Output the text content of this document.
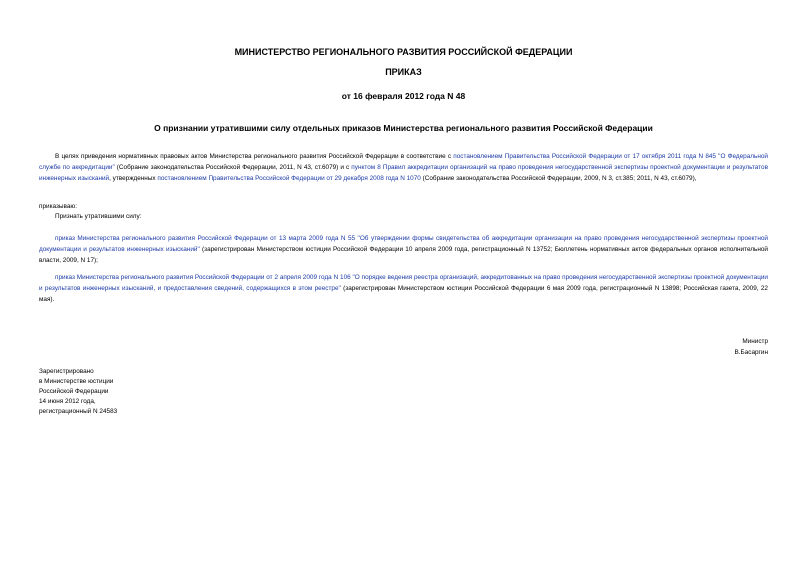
МИНИСТЕРСТВО РЕГИОНАЛЬНОГО РАЗВИТИЯ РОССИЙСКОЙ ФЕДЕРАЦИИ
ПРИКАЗ
от 16 февраля 2012 года N 48
О признании утратившими силу отдельных приказов Министерства регионального развития Российской Федерации
В целях приведения нормативных правовых актов Министерства регионального развития Российской Федерации в соответствие с постановлением Правительства Российской Федерации от 17 октября 2011 года N 845 "О Федеральной службе по аккредитации" (Собрание законодательства Российской Федерации, 2011, N 43, ст.6079) и с пунктом 8 Правил аккредитации организаций на право проведения негосударственной экспертизы проектной документации и результатов инженерных изысканий, утвержденных постановлением Правительства Российской Федерации от 29 декабря 2008 года N 1070 (Собрание законодательства Российской Федерации, 2009, N 3, ст.385; 2011, N 43, ст.6079),
приказываю:
Признать утратившими силу:
приказ Министерства регионального развития Российской Федерации от 13 марта 2009 года N 55 "Об утверждении формы свидетельства об аккредитации организации на право проведения негосударственной экспертизы проектной документации и результатов инженерных изысканий" (зарегистрирован Министерством юстиции Российской Федерации 10 апреля 2009 года, регистрационный N 13752; Бюллетень нормативных актов федеральных органов исполнительной власти, 2009, N 17);
приказ Министерства регионального развития Российской Федерации от 2 апреля 2009 года N 106 "О порядке ведения реестра организаций, аккредитованных на право проведения негосударственной экспертизы проектной документации и результатов инженерных изысканий, и предоставления сведений, содержащихся в этом реестре" (зарегистрирован Министерством юстиции Российской Федерации 6 мая 2009 года, регистрационный N 13898; Российская газета, 2009, 22 мая).
Министр
В.Басаргин
Зарегистрировано
в Министерстве юстиции
Российской Федерации
14 июня 2012 года,
регистрационный N 24583
